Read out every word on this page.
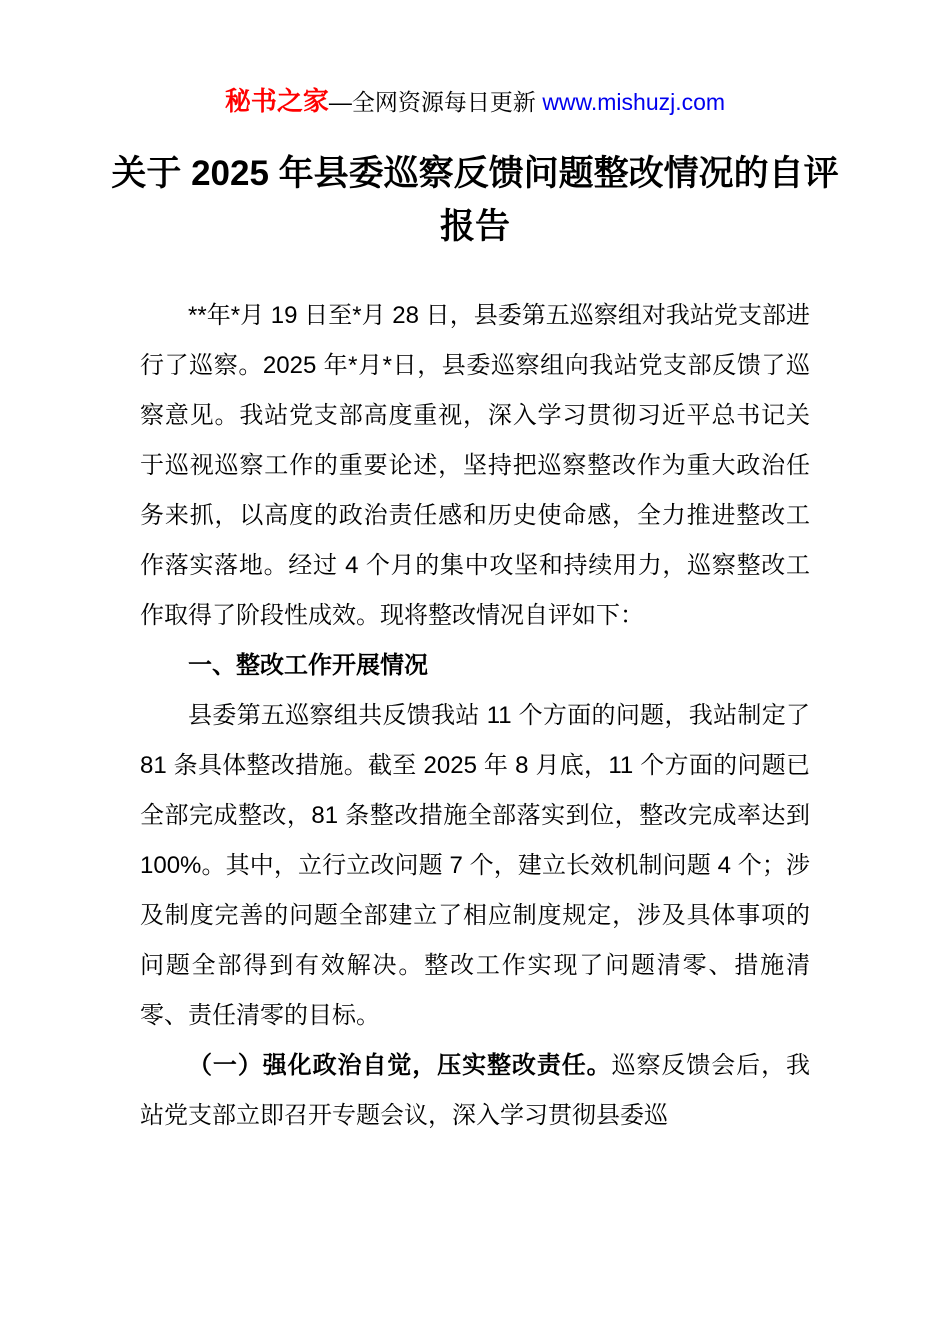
秘书之家—全网资源每日更新 www.mishuzj.com
关于 2025 年县委巡察反馈问题整改情况的自评
报告

**年*月 19 日至*月 28 日，县委第五巡察组对我站党支部进行了巡察。2025 年*月*日，县委巡察组向我站党支部反馈了巡察意见。我站党支部高度重视，深入学习贯彻习近平总书记关于巡视巡察工作的重要论述，坚持把巡察整改作为重大政治任务来抓，以高度的政治责任感和历史使命感，全力推进整改工作落实落地。经过 4 个月的集中攻坚和持续用力，巡察整改工作取得了阶段性成效。现将整改情况自评如下：

一、整改工作开展情况

县委第五巡察组共反馈我站 11 个方面的问题，我站制定了 81 条具体整改措施。截至 2025 年 8 月底，11 个方面的问题已全部完成整改，81 条整改措施全部落实到位，整改完成率达到 100%。其中，立行立改问题 7 个，建立长效机制问题 4 个；涉及制度完善的问题全部建立了相应制度规定，涉及具体事项的问题全部得到有效解决。整改工作实现了问题清零、措施清零、责任清零的目标。

（一）强化政治自觉，压实整改责任。巡察反馈会后，我站党支部立即召开专题会议，深入学习贯彻县委巡
